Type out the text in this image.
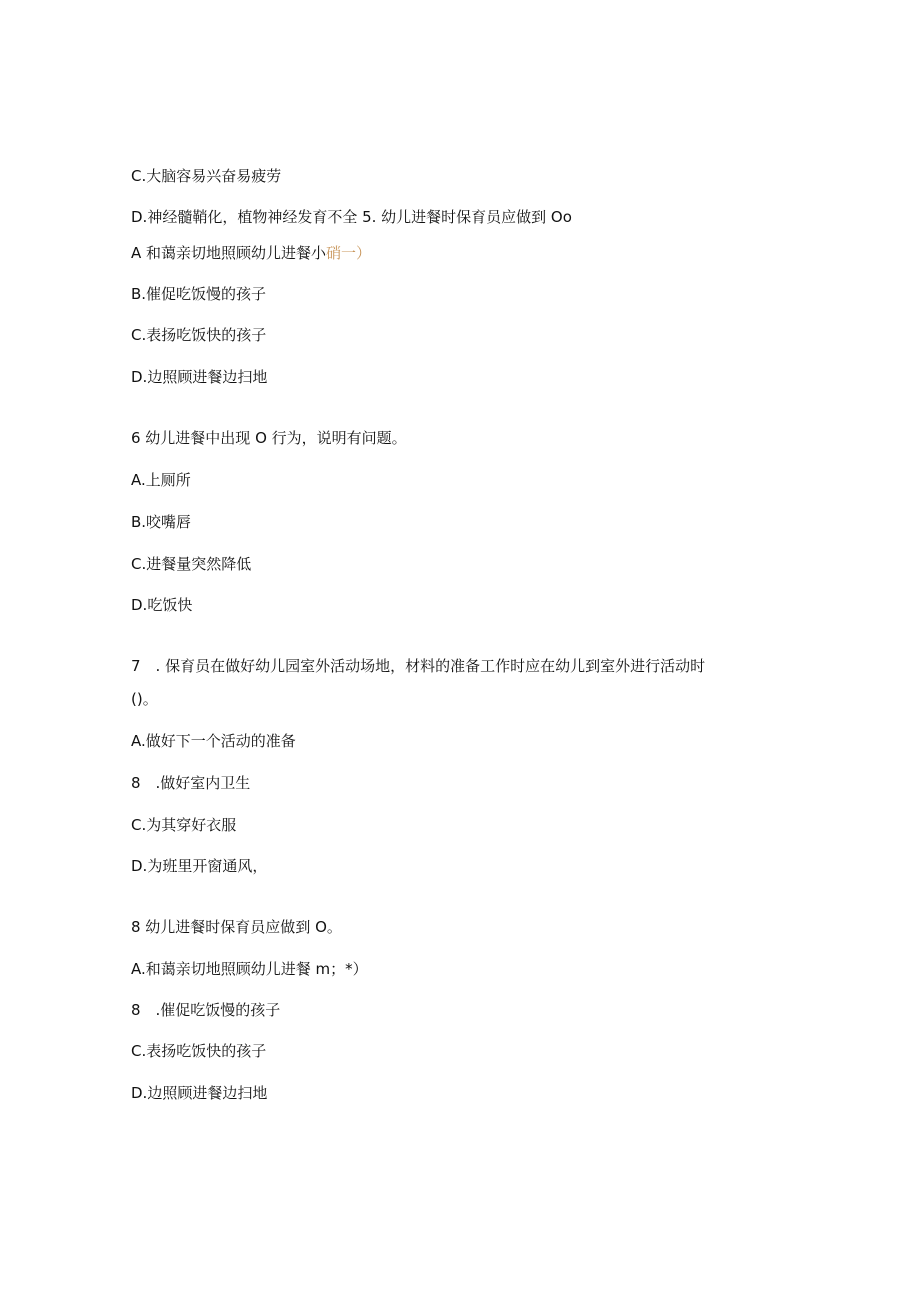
C.大脑容易兴奋易疲劳
D.神经髓鞘化，植物神经发育不全 5. 幼儿进餐时保育员应做到 Oo
A 和蔼亲切地照顾幼儿进餐小硝一）
B.催促吃饭慢的孩子
C.表扬吃饭快的孩子
D.边照顾进餐边扫地
6 幼儿进餐中出现 O 行为，说明有问题。
A.上厕所
B.咬嘴唇
C.进餐量突然降低
D.吃饭快
7　. 保育员在做好幼儿园室外活动场地，材料的准备工作时应在幼儿到室外进行活动时
()。
A.做好下一个活动的准备
8　.做好室内卫生
C.为其穿好衣服
D.为班里开窗通风，
8 幼儿进餐时保育员应做到 O。
A.和蔼亲切地照顾幼儿进餐 m；*）
8　.催促吃饭慢的孩子
C.表扬吃饭快的孩子
D.边照顾进餐边扫地
